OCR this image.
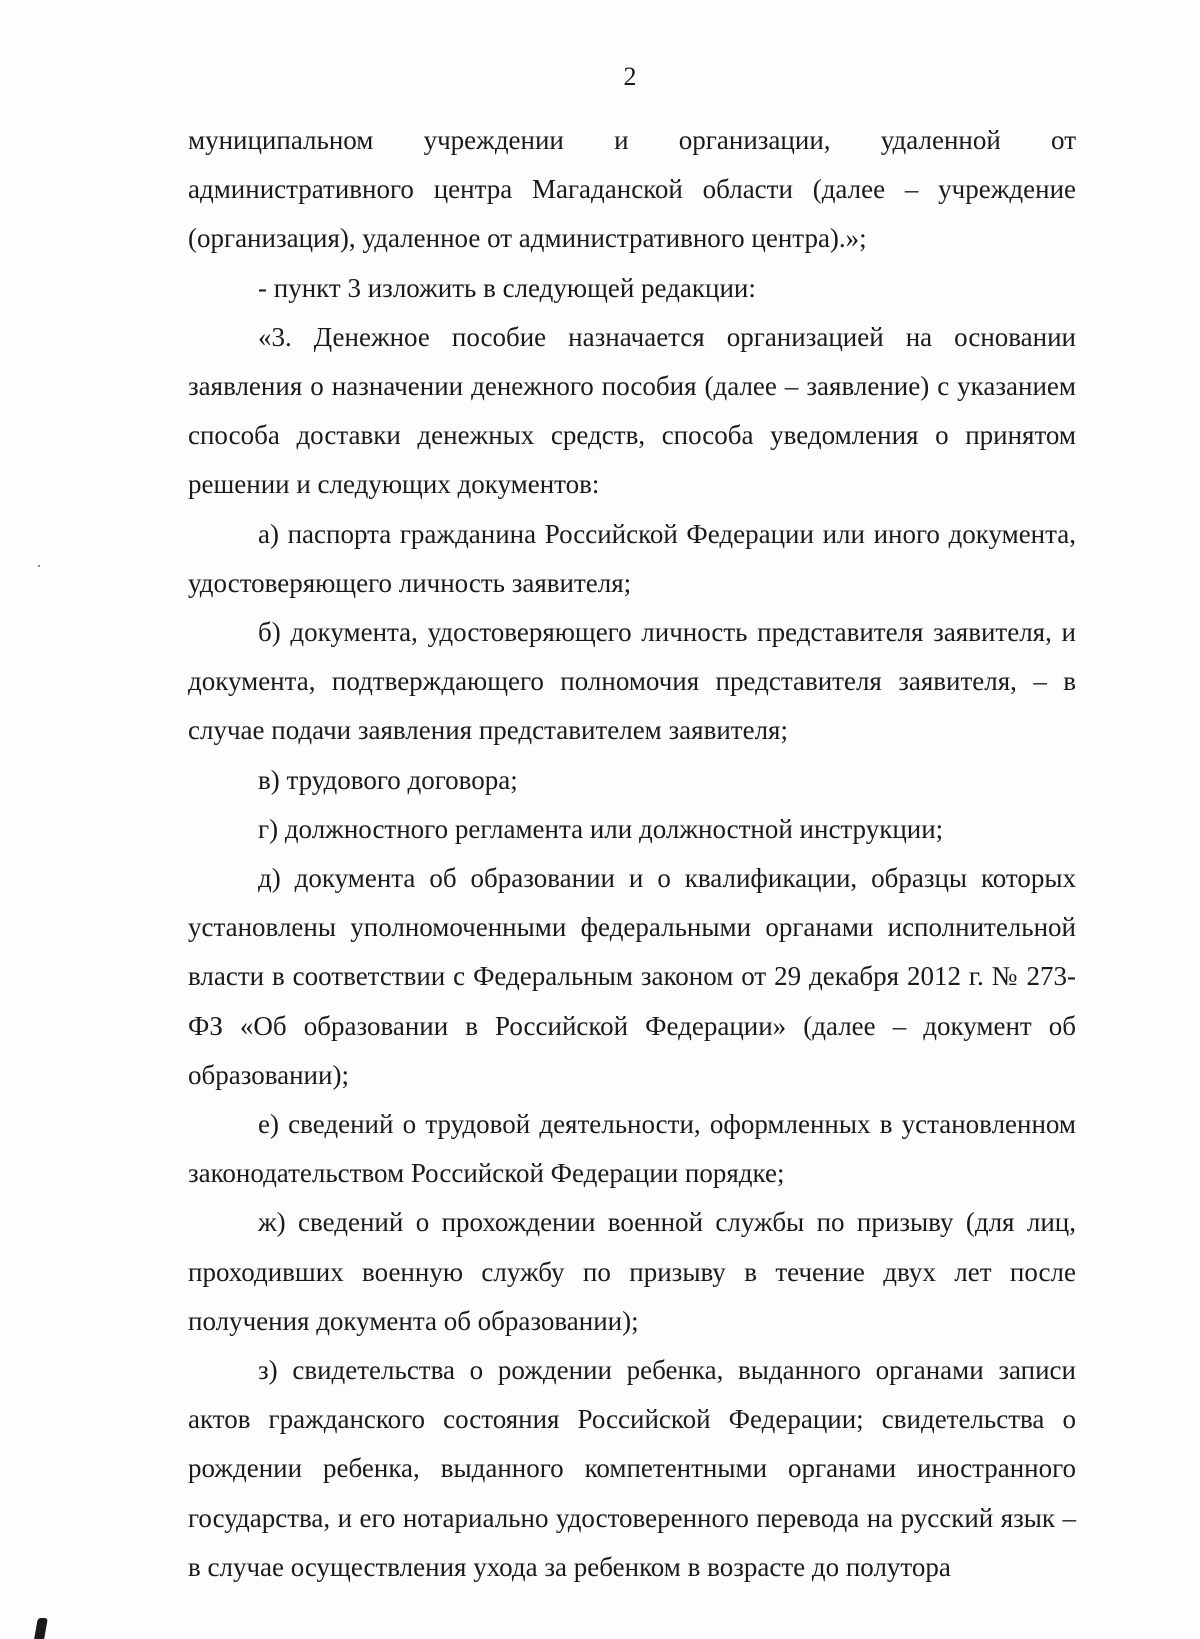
2

муниципальном учреждении и организации, удаленной от административного центра Магаданской области (далее – учреждение (организация), удаленное от административного центра).»;

- пункт 3 изложить в следующей редакции:

«3. Денежное пособие назначается организацией на основании заявления о назначении денежного пособия (далее – заявление) с указанием способа доставки денежных средств, способа уведомления о принятом решении и следующих документов:

а) паспорта гражданина Российской Федерации или иного документа, удостоверяющего личность заявителя;

б) документа, удостоверяющего личность представителя заявителя, и документа, подтверждающего полномочия представителя заявителя, – в случае подачи заявления представителем заявителя;

в) трудового договора;

г) должностного регламента или должностной инструкции;

д) документа об образовании и о квалификации, образцы которых установлены уполномоченными федеральными органами исполнительной власти в соответствии с Федеральным законом от 29 декабря 2012 г. № 273-ФЗ «Об образовании в Российской Федерации» (далее – документ об образовании);

е) сведений о трудовой деятельности, оформленных в установленном законодательством Российской Федерации порядке;

ж) сведений о прохождении военной службы по призыву (для лиц, проходивших военную службу по призыву в течение двух лет после получения документа об образовании);

з) свидетельства о рождении ребенка, выданного органами записи актов гражданского состояния Российской Федерации; свидетельства о рождении ребенка, выданного компетентными органами иностранного государства, и его нотариально удостоверенного перевода на русский язык – в случае осуществления ухода за ребенком в возрасте до полутора
